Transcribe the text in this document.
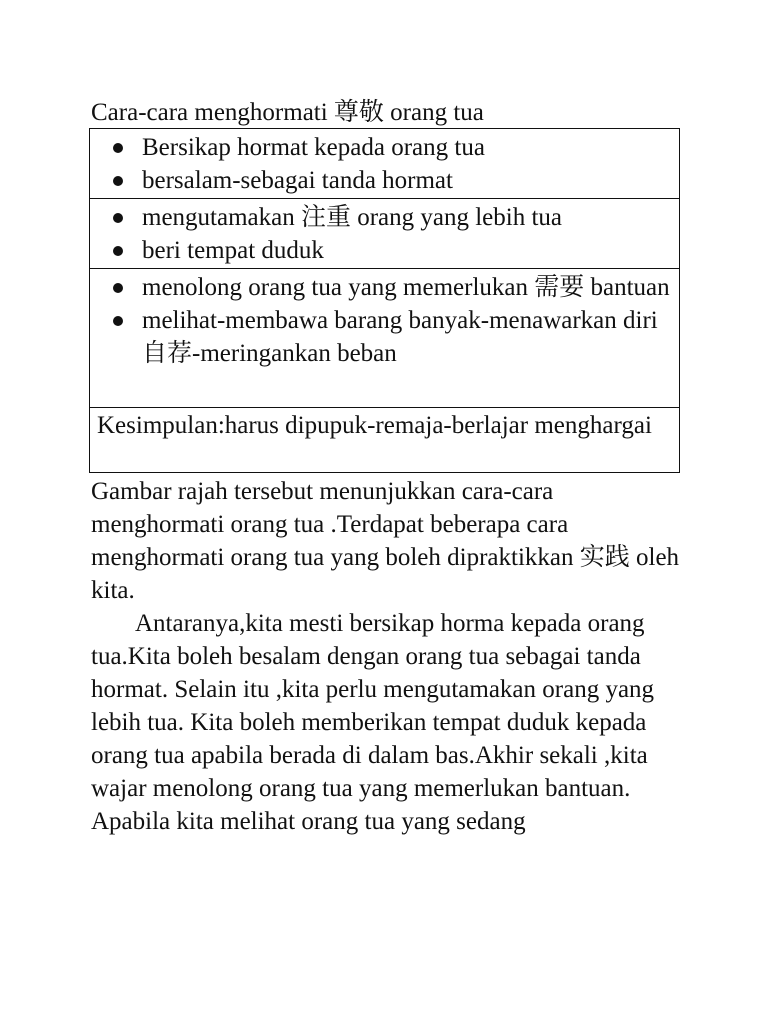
Cara-cara menghormati 尊敬 orang tua
Bersikap hormat kepada orang tua
bersalam-sebagai tanda hormat
mengutamakan 注重 orang yang lebih tua
beri tempat duduk
menolong orang tua yang memerlukan 需要 bantuan
melihat-membawa barang banyak-menawarkan diri 自荐-meringankan beban

Kesimpulan:harus dipupuk-remaja-berlajar menghargai

Gambar rajah tersebut menunjukkan cara-cara menghormati orang tua .Terdapat beberapa cara menghormati orang tua yang boleh dipraktikkan 实践 oleh kita.

Antaranya,kita mesti bersikap horma kepada orang tua.Kita boleh besalam dengan orang tua sebagai tanda hormat. Selain itu ,kita perlu mengutamakan orang yang lebih tua. Kita boleh memberikan tempat duduk kepada orang tua apabila berada di dalam bas.Akhir sekali ,kita wajar menolong orang tua yang memerlukan bantuan. Apabila kita melihat orang tua yang sedang
